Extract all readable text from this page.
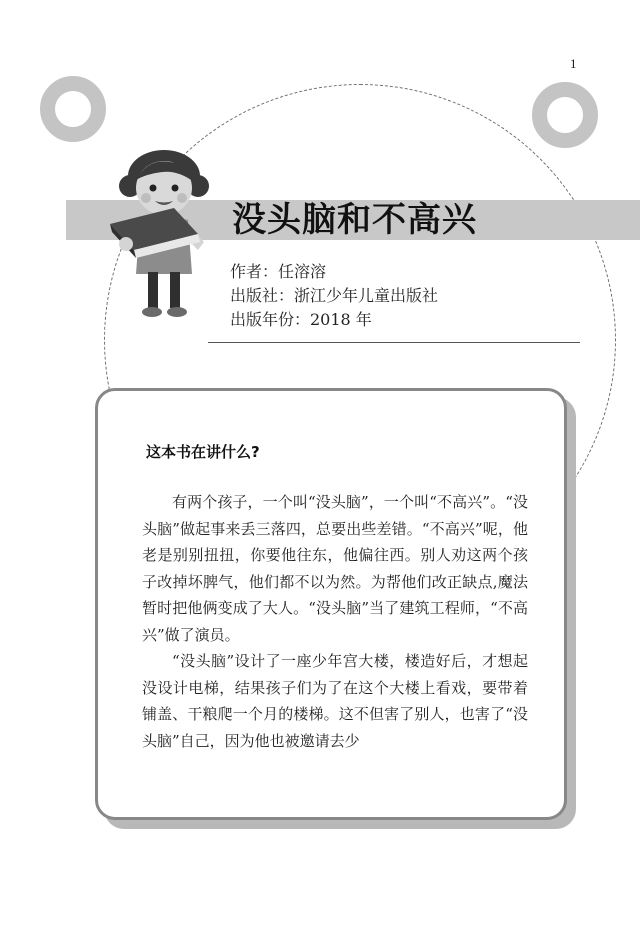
1
没头脑和不高兴
作者：任溶溶
出版社：浙江少年儿童出版社
出版年份：2018 年
这本书在讲什么?

有两个孩子，一个叫“没头脑”，一个叫“不高兴”。“没头脑”做起事来丢三落四，总要出些差错。“不高兴”呢，他老是别别扭扭，你要他往东，他偏往西。别人劝这两个孩子改掉坏脾气，他们都不以为然。为帮他们改正缺点,魔法暂时把他俩变成了大人。“没头脑”当了建筑工程师，“不高兴”做了演员。

“没头脑”设计了一座少年宫大楼，楼造好后，才想起没设计电梯，结果孩子们为了在这个大楼上看戏，要带着铺盖、干粮爬一个月的楼梯。这不但害了别人，也害了“没头脑”自己，因为他也被邀请去少
